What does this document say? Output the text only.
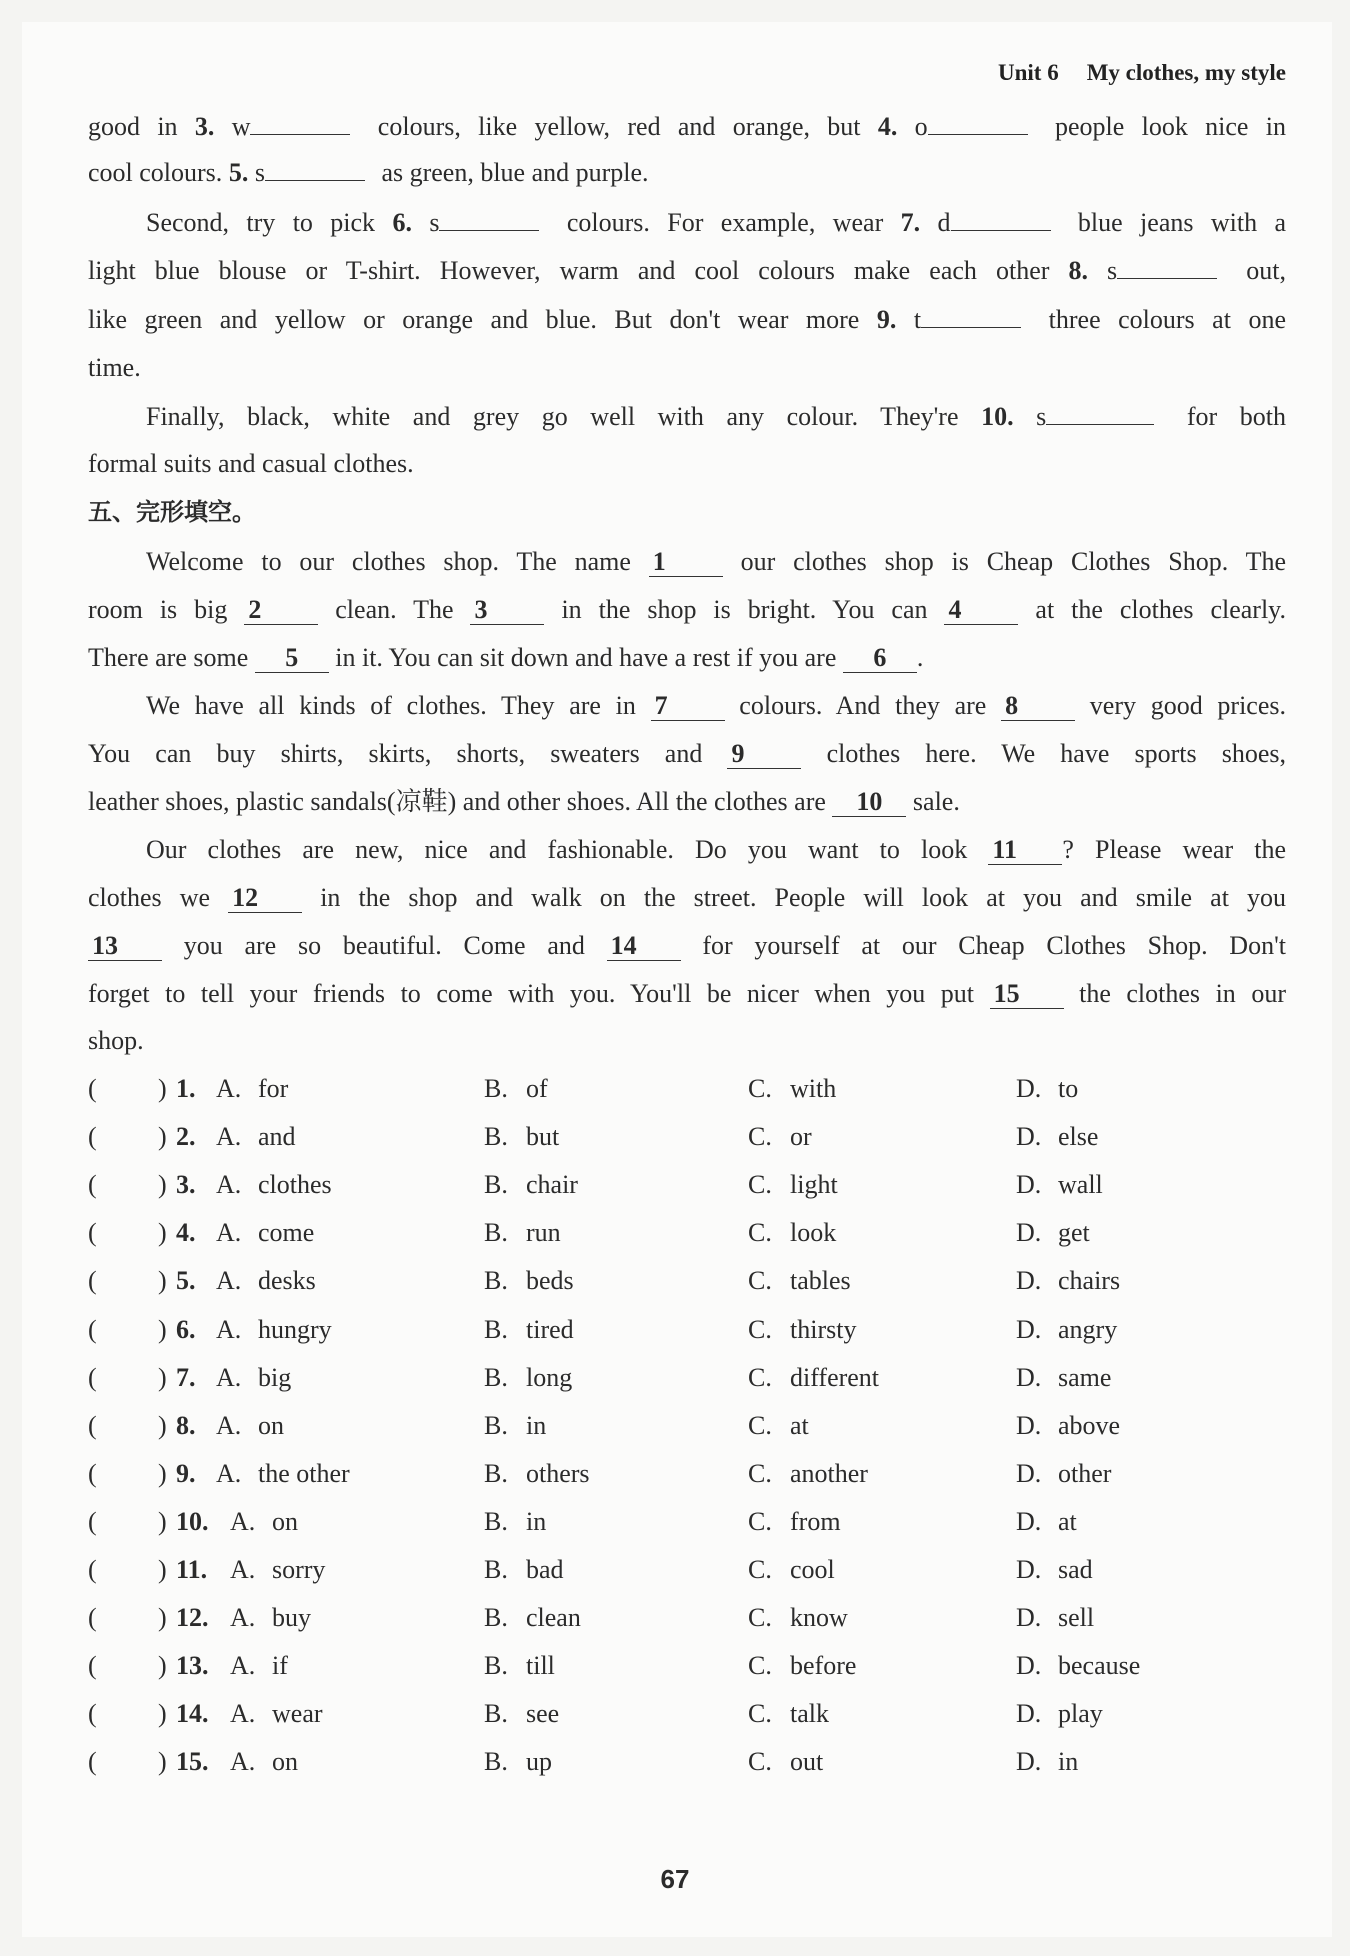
Unit 6 My clothes, my style
good in 3. w	colours, like yellow, red and orange, but 4. o	people look nice in
cool colours. 5. s	as green, blue and purple.
Second, try to pick 6. s	colours. For example, wear 7. d	blue jeans with a
light blue blouse or T-shirt. However, warm and cool colours make each other 8. s	out,
like green and yellow or orange and blue. But don't wear more 9. t	three colours at one
time.
Finally, black, white and grey go well with any colour. They're 10. s	for both
formal suits and casual clothes.
五、完形填空。
Welcome to our clothes shop. The name 1 our clothes shop is Cheap Clothes Shop. The
room is big 2 clean. The 3 in the shop is bright. You can 4 at the clothes clearly.
There are some 5 in it. You can sit down and have a rest if you are 6 .
We have all kinds of clothes. They are in 7 colours. And they are 8 very good prices.
You can buy shirts, skirts, shorts, sweaters and 9 clothes here. We have sports shoes,
leather shoes, plastic sandals(凉鞋) and other shoes. All the clothes are 10 sale.
Our clothes are new, nice and fashionable. Do you want to look 11 ? Please wear the
clothes we 12 in the shop and walk on the street. People will look at you and smile at you
13 you are so beautiful. Come and 14 for yourself at our Cheap Clothes Shop. Don't
forget to tell your friends to come with you. You'll be nicer when you put 15 the clothes in our
shop.
( ) 1. A. for	B. of	C. with	D. to
( ) 2. A. and	B. but	C. or	D. else
( ) 3. A. clothes	B. chair	C. light	D. wall
( ) 4. A. come	B. run	C. look	D. get
( ) 5. A. desks	B. beds	C. tables	D. chairs
( ) 6. A. hungry	B. tired	C. thirsty	D. angry
( ) 7. A. big	B. long	C. different	D. same
( ) 8. A. on	B. in	C. at	D. above
( ) 9. A. the other	B. others	C. another	D. other
( ) 10. A. on	B. in	C. from	D. at
( ) 11. A. sorry	B. bad	C. cool	D. sad
( ) 12. A. buy	B. clean	C. know	D. sell
( ) 13. A. if	B. till	C. before	D. because
( ) 14. A. wear	B. see	C. talk	D. play
( ) 15. A. on	B. up	C. out	D. in
67
